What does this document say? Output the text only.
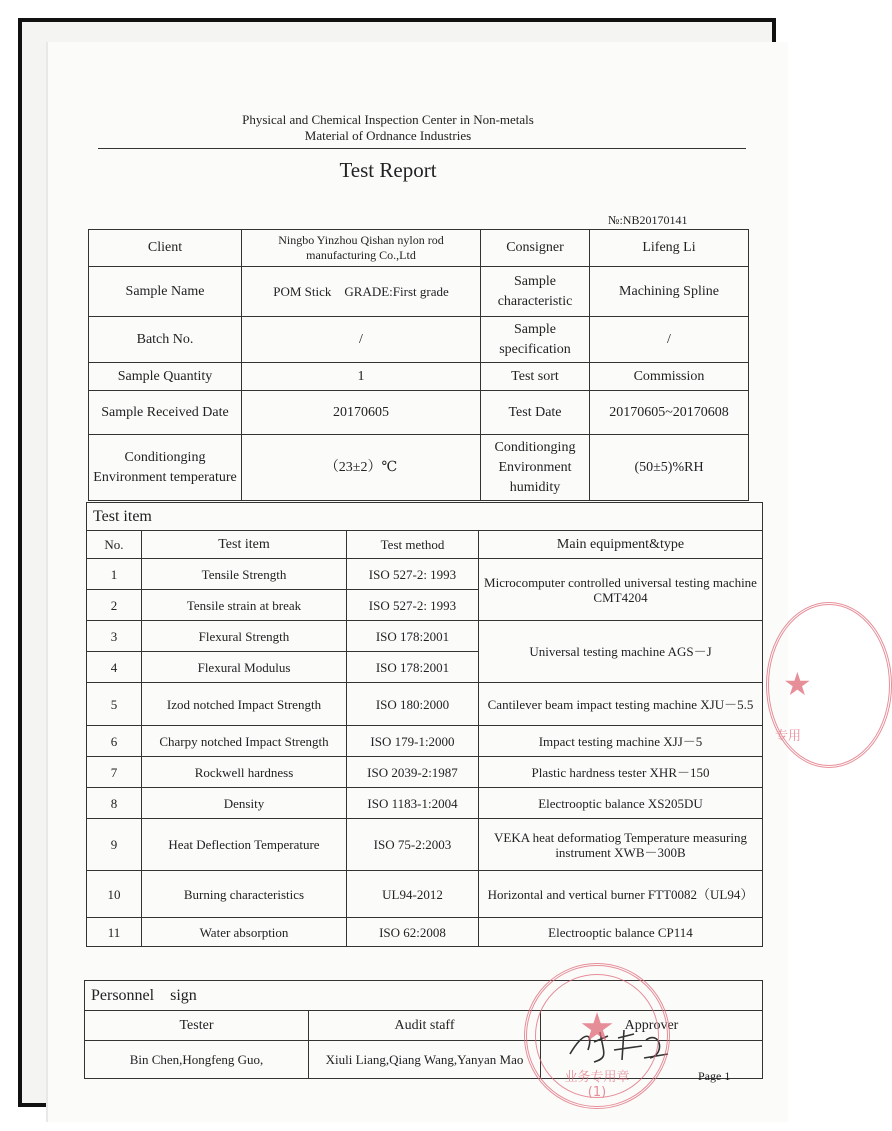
Physical and Chemical Inspection Center in Non-metals
Material of Ordnance Industries
Test Report
№:NB20170141
Client	Ningbo Yinzhou Qishan nylon rod manufacturing Co.,Ltd	Consigner	Lifeng Li
Sample Name	POM Stick    GRADE:First grade	Sample characteristic	Machining Spline
Batch No.	/	Sample specification	/
Sample Quantity	1	Test sort	Commission
Sample Received Date	20170605	Test Date	20170605~20170608
Conditionging Environment temperature	（23±2）℃	Conditionging Environment humidity	(50±5)%RH
Test item			
No.	Test item	Test method	Main equipment&type
1	Tensile Strength	ISO 527-2: 1993	Microcomputer controlled universal testing machine CMT4204
2	Tensile strain at break	ISO 527-2: 1993	
3	Flexural Strength	ISO 178:2001	Universal testing machine AGS－J
4	Flexural Modulus	ISO 178:2001	
5	Izod notched Impact Strength	ISO 180:2000	Cantilever beam impact testing machine XJU－5.5
6	Charpy notched Impact Strength	ISO 179-1:2000	Impact testing machine XJJ－5
7	Rockwell hardness	ISO 2039-2:1987	Plastic hardness tester XHR－150
8	Density	ISO 1183-1:2004	Electrooptic balance XS205DU
9	Heat Deflection Temperature	ISO 75-2:2003	VEKA heat deformatiog Temperature measuring instrument XWB－300B
10	Burning characteristics	UL94-2012	Horizontal and vertical burner FTT0082（UL94）
11	Water absorption	ISO 62:2008	Electrooptic balance CP114
Personnel    sign		
Tester	Audit staff	Approver
Bin Chen,Hongfeng Guo,	Xiuli Liang,Qiang Wang,Yanyan Mao	
★
业务专用章
(1)
★
专用
Page 1
